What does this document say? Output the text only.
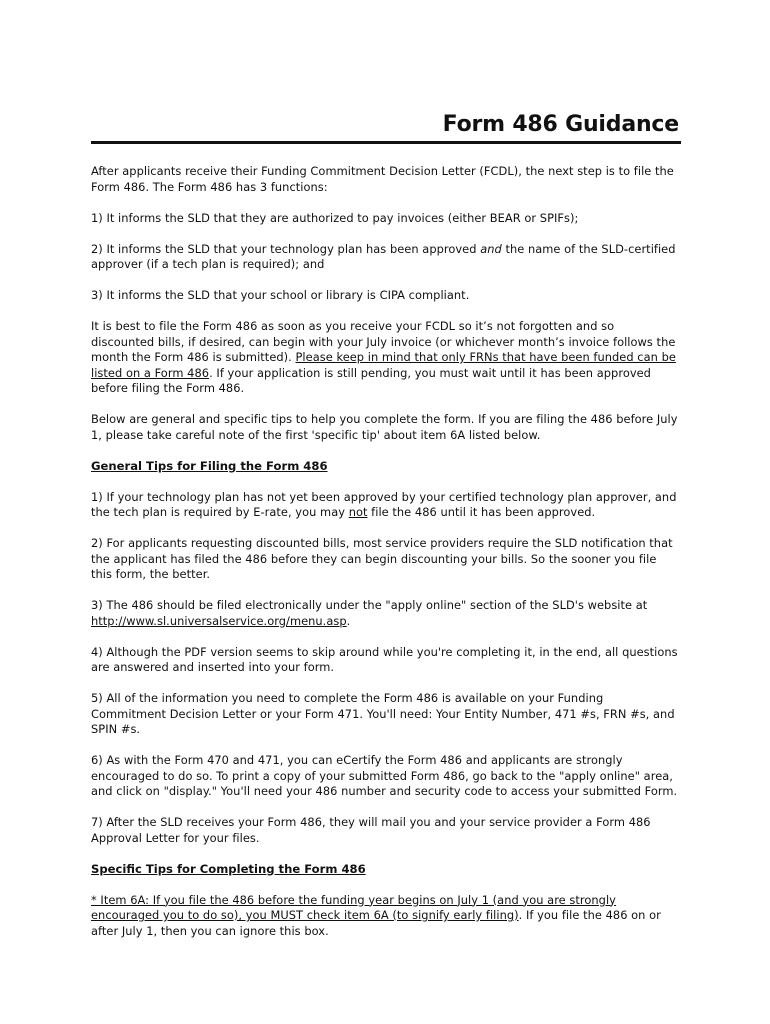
Form 486 Guidance

After applicants receive their Funding Commitment Decision Letter (FCDL), the next step is to file the Form 486. The Form 486 has 3 functions:

1) It informs the SLD that they are authorized to pay invoices (either BEAR or SPIFs);

2) It informs the SLD that your technology plan has been approved and the name of the SLD-certified approver (if a tech plan is required); and

3) It informs the SLD that your school or library is CIPA compliant.

It is best to file the Form 486 as soon as you receive your FCDL so it’s not forgotten and so discounted bills, if desired, can begin with your July invoice (or whichever month’s invoice follows the month the Form 486 is submitted). Please keep in mind that only FRNs that have been funded can be listed on a Form 486. If your application is still pending, you must wait until it has been approved before filing the Form 486.

Below are general and specific tips to help you complete the form. If you are filing the 486 before July 1, please take careful note of the first 'specific tip' about item 6A listed below.

General Tips for Filing the Form 486

1) If your technology plan has not yet been approved by your certified technology plan approver, and the tech plan is required by E-rate, you may not file the 486 until it has been approved.

2) For applicants requesting discounted bills, most service providers require the SLD notification that the applicant has filed the 486 before they can begin discounting your bills. So the sooner you file this form, the better.

3) The 486 should be filed electronically under the "apply online" section of the SLD's website at http://www.sl.universalservice.org/menu.asp.

4) Although the PDF version seems to skip around while you're completing it, in the end, all questions are answered and inserted into your form.

5) All of the information you need to complete the Form 486 is available on your Funding Commitment Decision Letter or your Form 471. You'll need: Your Entity Number, 471 #s, FRN #s, and SPIN #s.

6) As with the Form 470 and 471, you can eCertify the Form 486 and applicants are strongly encouraged to do so. To print a copy of your submitted Form 486, go back to the "apply online" area, and click on "display." You'll need your 486 number and security code to access your submitted Form.

7) After the SLD receives your Form 486, they will mail you and your service provider a Form 486 Approval Letter for your files.

Specific Tips for Completing the Form 486

* Item 6A: If you file the 486 before the funding year begins on July 1 (and you are strongly encouraged you to do so), you MUST check item 6A (to signify early filing). If you file the 486 on or after July 1, then you can ignore this box.
